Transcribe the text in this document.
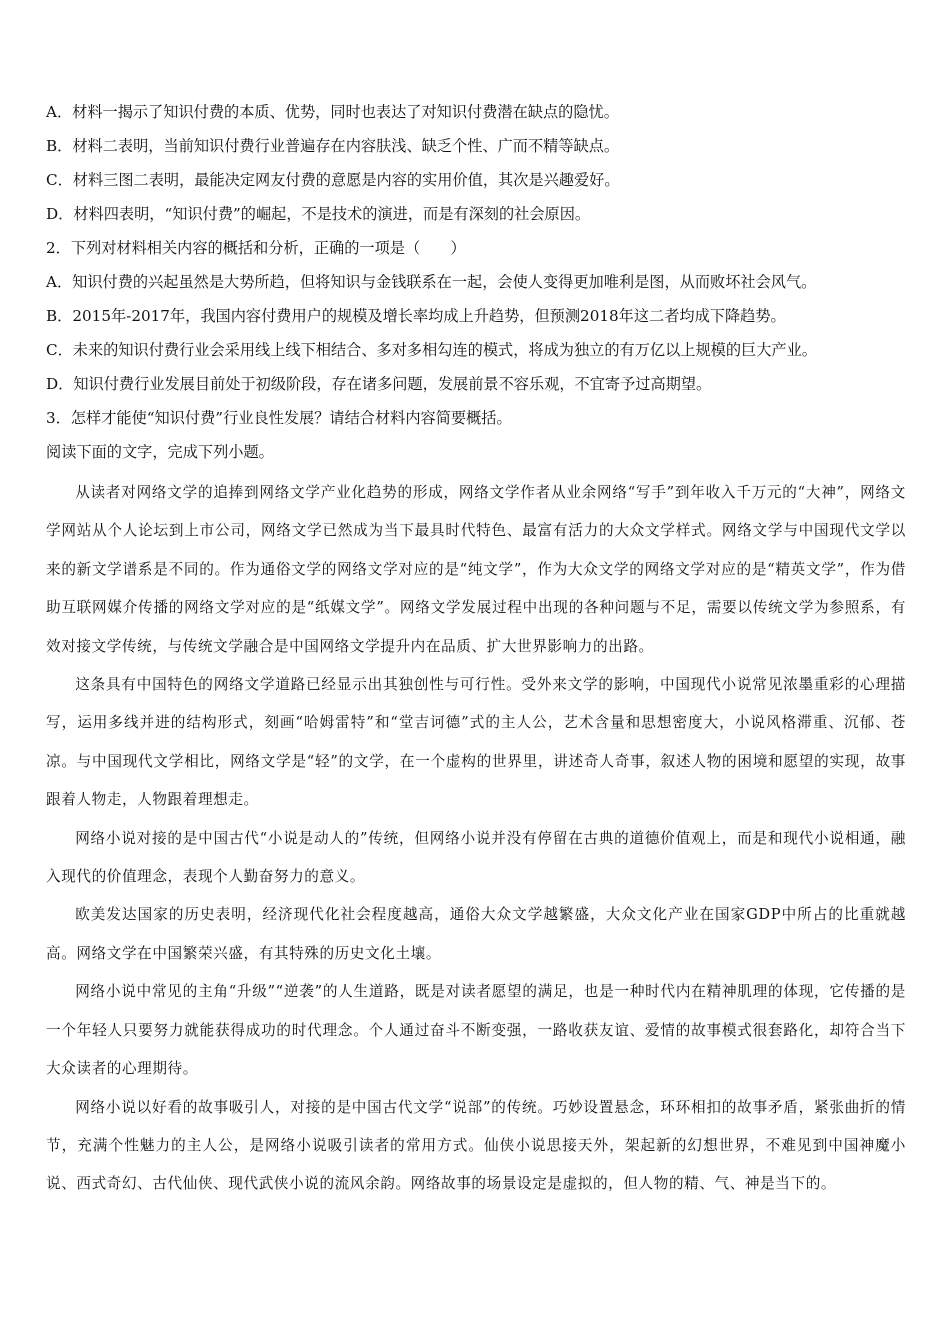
A．材料一揭示了知识付费的本质、优势，同时也表达了对知识付费潜在缺点的隐忧。
B．材料二表明，当前知识付费行业普遍存在内容肤浅、缺乏个性、广而不精等缺点。
C．材料三图二表明，最能决定网友付费的意愿是内容的实用价值，其次是兴趣爱好。
D．材料四表明，“知识付费”的崛起，不是技术的演进，而是有深刻的社会原因。
2．下列对材料相关内容的概括和分析，正确的一项是（　　）
A．知识付费的兴起虽然是大势所趋，但将知识与金钱联系在一起，会使人变得更加唯利是图，从而败坏社会风气。
B．2015年-2017年，我国内容付费用户的规模及增长率均成上升趋势，但预测2018年这二者均成下降趋势。
C．未来的知识付费行业会采用线上线下相结合、多对多相勾连的模式，将成为独立的有万亿以上规模的巨大产业。
D．知识付费行业发展目前处于初级阶段，存在诸多问题，发展前景不容乐观，不宜寄予过高期望。
3．怎样才能使“知识付费”行业良性发展？请结合材料内容简要概括。
阅读下面的文字，完成下列小题。

从读者对网络文学的追捧到网络文学产业化趋势的形成，网络文学作者从业余网络“写手”到年收入千万元的“大神”，网络文学网站从个人论坛到上市公司，网络文学已然成为当下最具时代特色、最富有活力的大众文学样式。网络文学与中国现代文学以来的新文学谱系是不同的。作为通俗文学的网络文学对应的是“纯文学”，作为大众文学的网络文学对应的是“精英文学”，作为借助互联网媒介传播的网络文学对应的是“纸媒文学”。网络文学发展过程中出现的各种问题与不足，需要以传统文学为参照系，有效对接文学传统，与传统文学融合是中国网络文学提升内在品质、扩大世界影响力的出路。

这条具有中国特色的网络文学道路已经显示出其独创性与可行性。受外来文学的影响，中国现代小说常见浓墨重彩的心理描写，运用多线并进的结构形式，刻画“哈姆雷特”和“堂吉诃德”式的主人公，艺术含量和思想密度大，小说风格滞重、沉郁、苍凉。与中国现代文学相比，网络文学是“轻”的文学，在一个虚构的世界里，讲述奇人奇事，叙述人物的困境和愿望的实现，故事跟着人物走，人物跟着理想走。

网络小说对接的是中国古代“小说是动人的”传统，但网络小说并没有停留在古典的道德价值观上，而是和现代小说相通，融入现代的价值理念，表现个人勤奋努力的意义。

欧美发达国家的历史表明，经济现代化社会程度越高，通俗大众文学越繁盛，大众文化产业在国家GDP中所占的比重就越高。网络文学在中国繁荣兴盛，有其特殊的历史文化土壤。

网络小说中常见的主角“升级”“逆袭”的人生道路，既是对读者愿望的满足，也是一种时代内在精神肌理的体现，它传播的是一个年轻人只要努力就能获得成功的时代理念。个人通过奋斗不断变强，一路收获友谊、爱情的故事模式很套路化，却符合当下大众读者的心理期待。

网络小说以好看的故事吸引人，对接的是中国古代文学“说部”的传统。巧妙设置悬念，环环相扣的故事矛盾，紧张曲折的情节，充满个性魅力的主人公，是网络小说吸引读者的常用方式。仙侠小说思接天外，架起新的幻想世界，不难见到中国神魔小说、西式奇幻、古代仙侠、现代武侠小说的流风余韵。网络故事的场景设定是虚拟的，但人物的精、气、神是当下的。
